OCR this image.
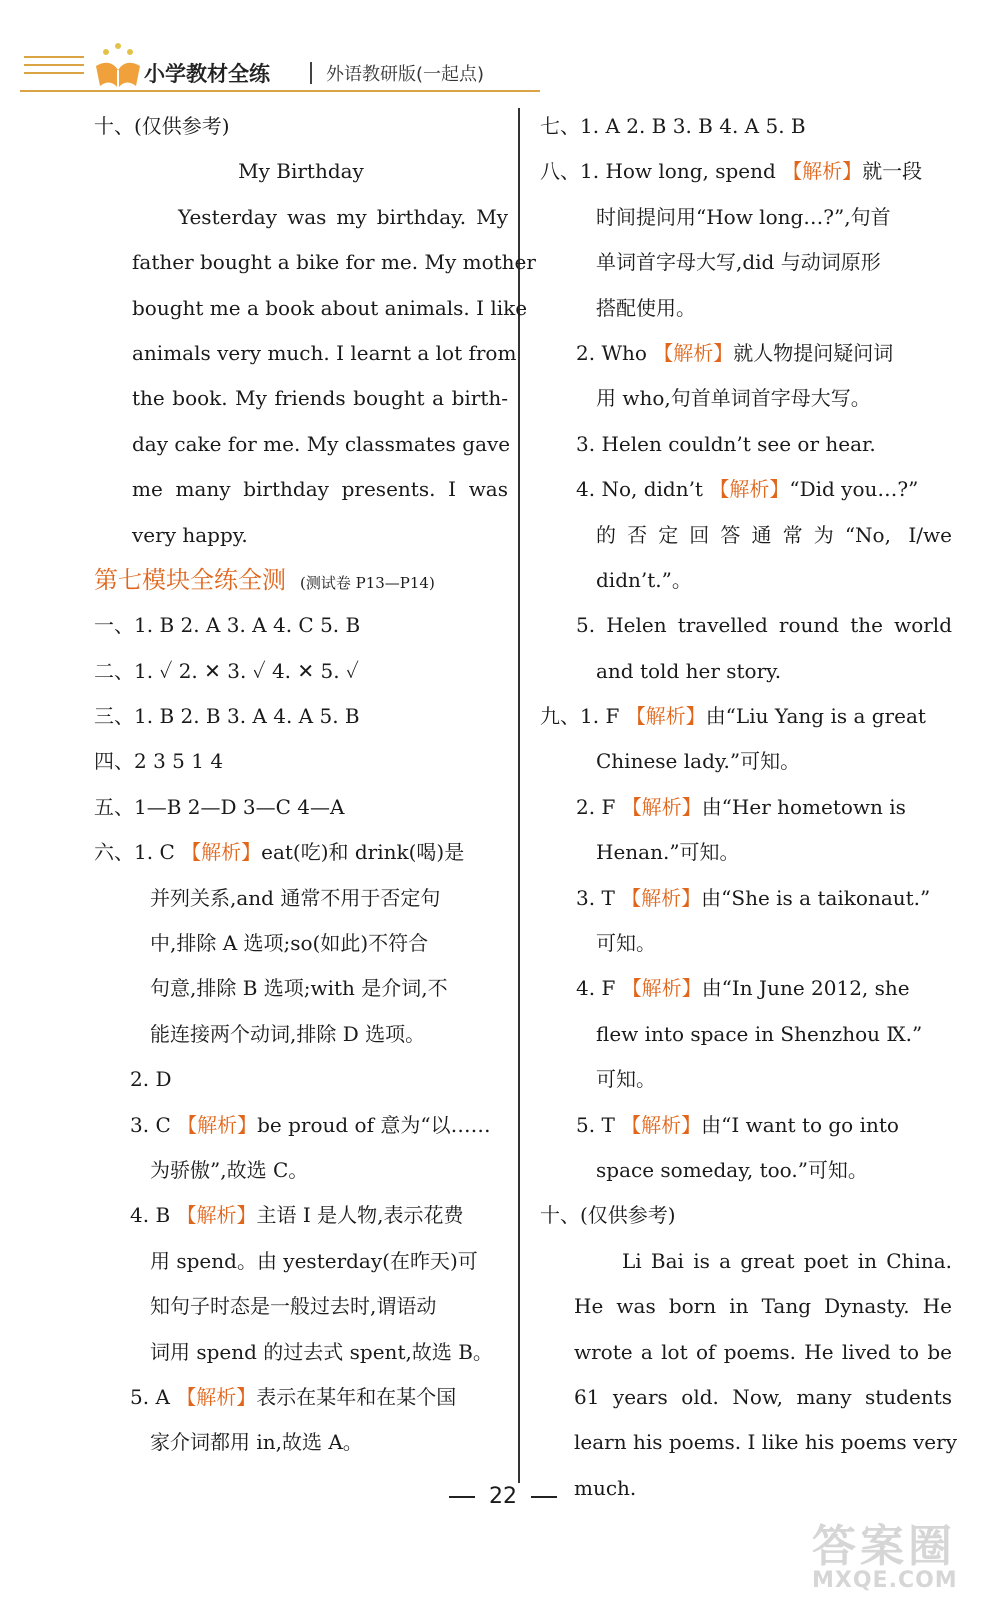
小学教材全练	外语教研版(一起点)
十、(仅供参考)
My Birthday
Yesterday was my birthday. My
father bought a bike for me. My mother
bought me a book about animals. I like
animals very much. I learnt a lot from
the book. My friends bought a birth-
day cake for me. My classmates gave
me many birthday presents. I was
very happy.
第七模块全练全测 (测试卷 P13—P14)
一、1. B 2. A 3. A 4. C 5. B
二、1. ✓ 2. ✕ 3. ✓ 4. ✕ 5. ✓
三、1. B 2. B 3. A 4. A 5. B
四、2 3 5 1 4
五、1—B 2—D 3—C 4—A
六、1. C 【解析】eat(吃)和 drink(喝)是
并列关系,and 通常不用于否定句
中,排除 A 选项;so(如此)不符合
句意,排除 B 选项;with 是介词,不
能连接两个动词,排除 D 选项。
2. D
3. C 【解析】be proud of 意为“以……
为骄傲”,故选 C。
4. B 【解析】主语 I 是人物,表示花费
用 spend。由 yesterday(在昨天)可
知句子时态是一般过去时,谓语动
词用 spend 的过去式 spent,故选 B。
5. A 【解析】表示在某年和在某个国
家介词都用 in,故选 A。
七、1. A 2. B 3. B 4. A 5. B
八、1. How long, spend 【解析】就一段
时间提问用“How long…?”,句首
单词首字母大写,did 与动词原形
搭配使用。
2. Who 【解析】就人物提问疑问词
用 who,句首单词首字母大写。
3. Helen couldn’t see or hear.
4. No, didn’t 【解析】“Did you…?”
的否定回答通常为“No, I/we
didn’t.”。
5. Helen travelled round the world
and told her story.
九、1. F 【解析】由“Liu Yang is a great
Chinese lady.”可知。
2. F 【解析】由“Her hometown is
Henan.”可知。
3. T 【解析】由“She is a taikonaut.”
可知。
4. F 【解析】由“In June 2012, she
flew into space in Shenzhou Ⅸ.”
可知。
5. T 【解析】由“I want to go into
space someday, too.”可知。
十、(仅供参考)
Li Bai is a great poet in China.
He was born in Tang Dynasty. He
wrote a lot of poems. He lived to be
61 years old. Now, many students
learn his poems. I like his poems very
much.
22
答案圈
MXQE.COM
